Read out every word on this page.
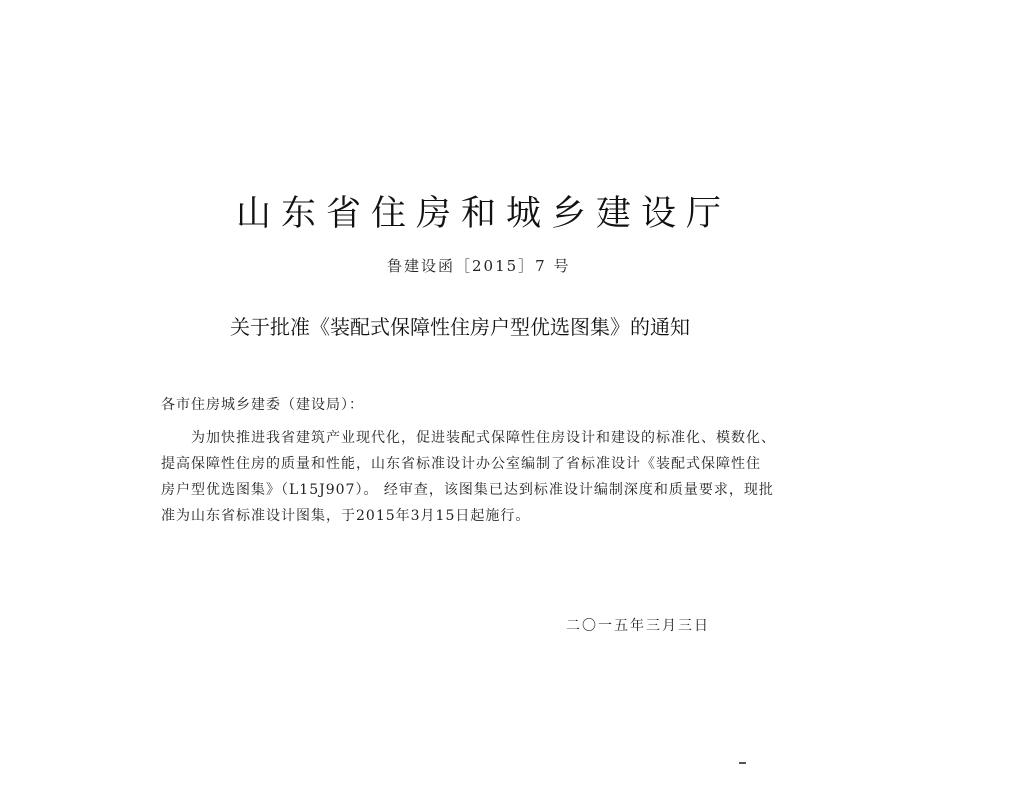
山东省住房和城乡建设厅
鲁建设函［2015］7 号
关于批准《装配式保障性住房户型优选图集》的通知
各市住房城乡建委（建设局）：
为加快推进我省建筑产业现代化，促进装配式保障性住房设计和建设的标准化、模数化、
提高保障性住房的质量和性能，山东省标准设计办公室编制了省标准设计《装配式保障性住
房户型优选图集》（L15J907）。 经审查，该图集已达到标准设计编制深度和质量要求，现批
准为山东省标准设计图集，于2015年3月15日起施行。
二〇一五年三月三日
